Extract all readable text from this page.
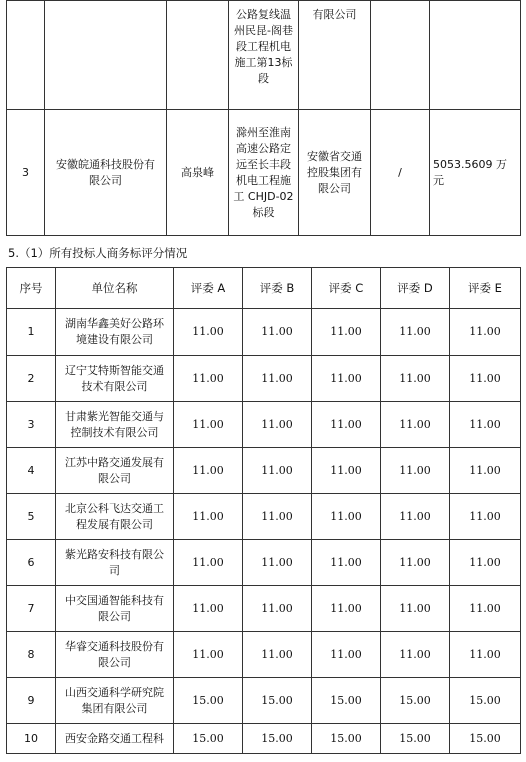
			公路复线温州民昆-阁巷段工程机电施工第13标段	有限公司		
3	安徽皖通科技股份有限公司	高泉峰	滁州至淮南高速公路定远至长丰段机电工程施工 CHJD-02 标段	安徽省交通控股集团有限公司	/	5053.5609 万元
5.（1）所有投标人商务标评分情况
序号	单位名称	评委 A	评委 B	评委 C	评委 D	评委 E
1	湖南华鑫美好公路环境建设有限公司	11.00	11.00	11.00	11.00	11.00
2	辽宁艾特斯智能交通技术有限公司	11.00	11.00	11.00	11.00	11.00
3	甘肃紫光智能交通与控制技术有限公司	11.00	11.00	11.00	11.00	11.00
4	江苏中路交通发展有限公司	11.00	11.00	11.00	11.00	11.00
5	北京公科飞达交通工程发展有限公司	11.00	11.00	11.00	11.00	11.00
6	紫光路安科技有限公司	11.00	11.00	11.00	11.00	11.00
7	中交国通智能科技有限公司	11.00	11.00	11.00	11.00	11.00
8	华睿交通科技股份有限公司	11.00	11.00	11.00	11.00	11.00
9	山西交通科学研究院集团有限公司	15.00	15.00	15.00	15.00	15.00
10	西安金路交通工程科	15.00	15.00	15.00	15.00	15.00
